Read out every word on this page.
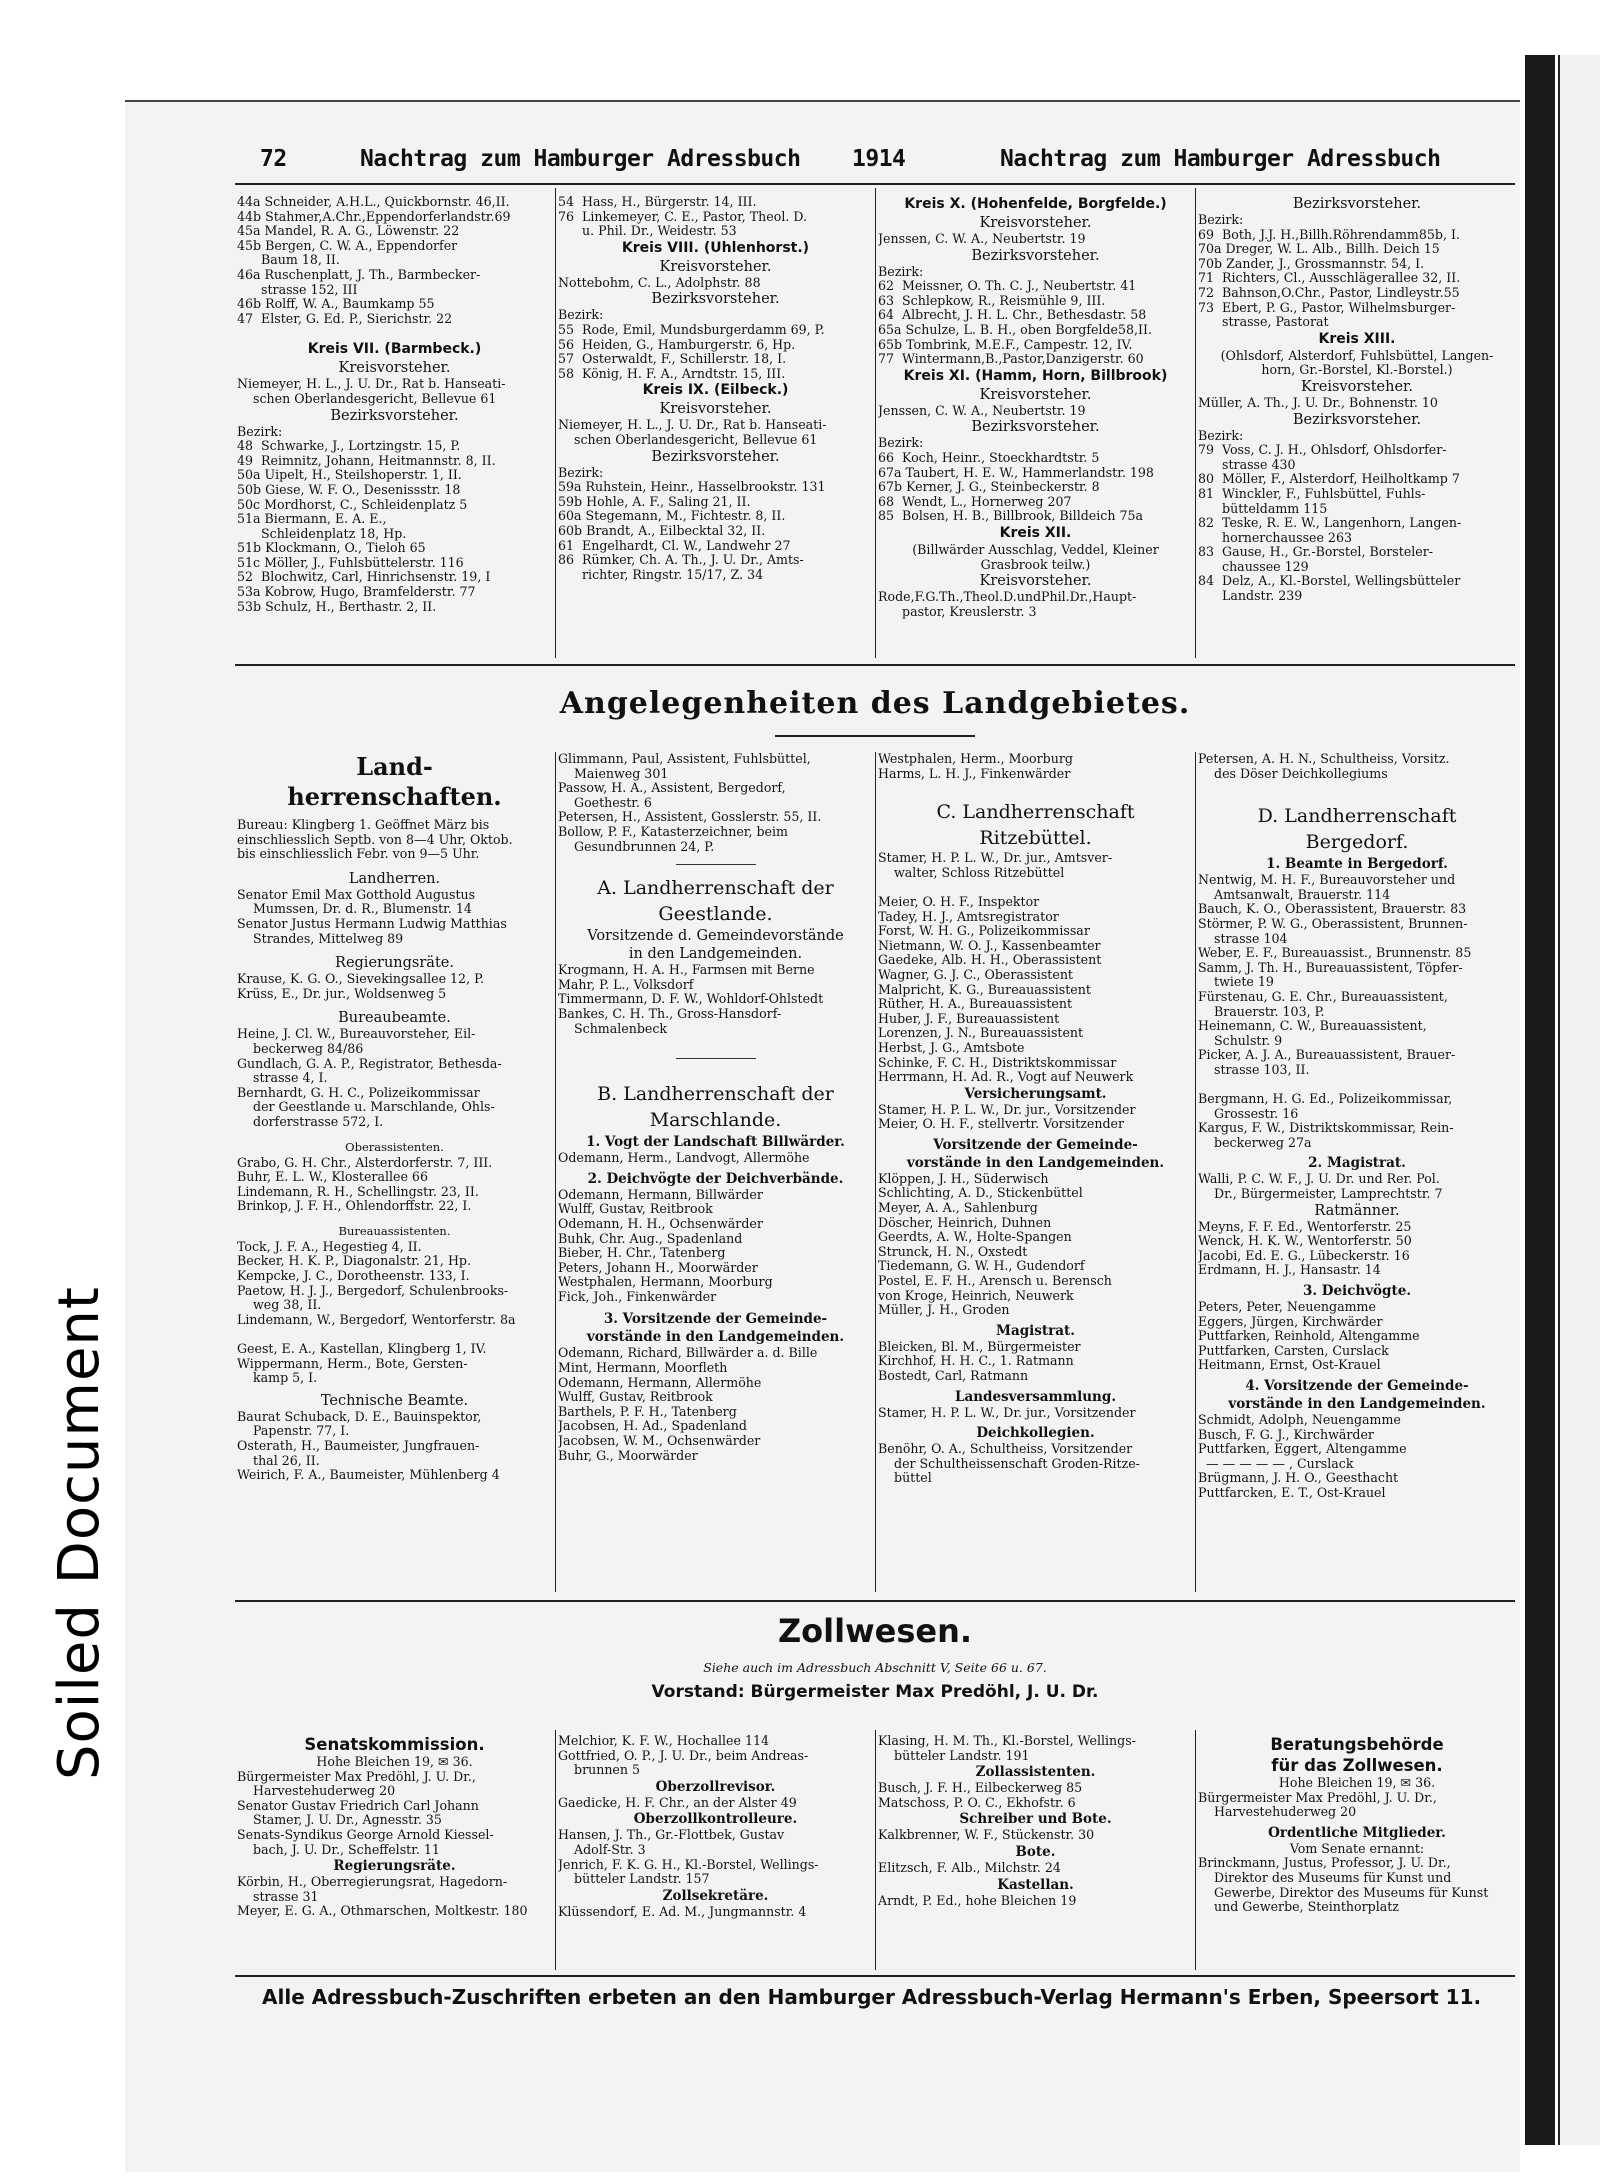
Soiled Document
72	Nachtrag zum Hamburger Adressbuch 1914	Nachtrag zum Hamburger Adressbuch
44a Schneider, A.H.L., Quickbornstr. 46,II.
44b Stahmer,A.Chr.,Eppendorferlandstr.69
45a Mandel, R. A. G., Löwenstr. 22
45b Bergen, C. W. A., Eppendorfer
Baum 18, II.
46a Ruschenplatt, J. Th., Barmbecker-
strasse 152, III
46b Rolff, W. A., Baumkamp 55
47  Elster, G. Ed. P., Sierichstr. 22
Kreis VII. (Barmbeck.)
Kreisvorsteher.
Niemeyer, H. L., J. U. Dr., Rat b. Hanseati-
schen Oberlandesgericht, Bellevue 61
Bezirksvorsteher.
Bezirk:
48  Schwarke, J., Lortzingstr. 15, P.
49  Reimnitz, Johann, Heitmannstr. 8, II.
50a Uipelt, H., Steilshoperstr. 1, II.
50b Giese, W. F. O., Desenissstr. 18
50c Mordhorst, C., Schleidenplatz 5
51a Biermann, E. A. E.,
Schleidenplatz 18, Hp.
51b Klockmann, O., Tieloh 65
51c Möller, J., Fuhlsbüttelerstr. 116
52  Blochwitz, Carl, Hinrichsenstr. 19, I
53a Kobrow, Hugo, Bramfelderstr. 77
53b Schulz, H., Berthastr. 2, II.
54  Hass, H., Bürgerstr. 14, III.
76  Linkemeyer, C. E., Pastor, Theol. D.
u. Phil. Dr., Weidestr. 53
Kreis VIII. (Uhlenhorst.)
Kreisvorsteher.
Nottebohm, C. L., Adolphstr. 88
Bezirksvorsteher.
Bezirk:
55  Rode, Emil, Mundsburgerdamm 69, P.
56  Heiden, G., Hamburgerstr. 6, Hp.
57  Osterwaldt, F., Schillerstr. 18, I.
58  König, H. F. A., Arndtstr. 15, III.
Kreis IX. (Eilbeck.)
Kreisvorsteher.
Niemeyer, H. L., J. U. Dr., Rat b. Hanseati-
schen Oberlandesgericht, Bellevue 61
Bezirksvorsteher.
Bezirk:
59a Ruhstein, Heinr., Hasselbrookstr. 131
59b Hohle, A. F., Saling 21, II.
60a Stegemann, M., Fichtestr. 8, II.
60b Brandt, A., Eilbecktal 32, II.
61  Engelhardt, Cl. W., Landwehr 27
86  Rümker, Ch. A. Th., J. U. Dr., Amts-
richter, Ringstr. 15/17, Z. 34
Kreis X. (Hohenfelde, Borgfelde.)
Kreisvorsteher.
Jenssen, C. W. A., Neubertstr. 19
Bezirksvorsteher.
Bezirk:
62  Meissner, O. Th. C. J., Neubertstr. 41
63  Schlepkow, R., Reismühle 9, III.
64  Albrecht, J. H. L. Chr., Bethesdastr. 58
65a Schulze, L. B. H., oben Borgfelde58,II.
65b Tombrink, M.E.F., Campestr. 12, IV.
77  Wintermann,B.,Pastor,Danzigerstr. 60
Kreis XI. (Hamm, Horn, Billbrook)
Kreisvorsteher.
Jenssen, C. W. A., Neubertstr. 19
Bezirksvorsteher.
Bezirk:
66  Koch, Heinr., Stoeckhardtstr. 5
67a Taubert, H. E. W., Hammerlandstr. 198
67b Kerner, J. G., Steinbeckerstr. 8
68  Wendt, L., Hornerweg 207
85  Bolsen, H. B., Billbrook, Billdeich 75a
Kreis XII.
(Billwärder Ausschlag, Veddel, Kleiner
Grasbrook teilw.)
Kreisvorsteher.
Rode,F.G.Th.,Theol.D.undPhil.Dr.,Haupt-
pastor, Kreuslerstr. 3
Bezirksvorsteher.
Bezirk:
69  Both, J.J. H.,Billh.Röhrendamm85b, I.
70a Dreger, W. L. Alb., Billh. Deich 15
70b Zander, J., Grossmannstr. 54, I.
71  Richters, Cl., Ausschlägerallee 32, II.
72  Bahnson,O.Chr., Pastor, Lindleystr.55
73  Ebert, P. G., Pastor, Wilhelmsburger-
strasse, Pastorat
Kreis XIII.
(Ohlsdorf, Alsterdorf, Fuhlsbüttel, Langen-
horn, Gr.-Borstel, Kl.-Borstel.)
Kreisvorsteher.
Müller, A. Th., J. U. Dr., Bohnenstr. 10
Bezirksvorsteher.
Bezirk:
79  Voss, C. J. H., Ohlsdorf, Ohlsdorfer-
strasse 430
80  Möller, F., Alsterdorf, Heilholtkamp 7
81  Winckler, F., Fuhlsbüttel, Fuhls-
bütteldamm 115
82  Teske, R. E. W., Langenhorn, Langen-
hornerchaussee 263
83  Gause, H., Gr.-Borstel, Borsteler-
chaussee 129
84  Delz, A., Kl.-Borstel, Wellingsbütteler
Landstr. 239
Angelegenheiten des Landgebietes.
Land-
herrenschaften.
Bureau: Klingberg 1. Geöffnet März bis
einschliesslich Septb. von 8—4 Uhr, Oktob.
bis einschliesslich Febr. von 9—5 Uhr.
Landherren.
Senator Emil Max Gotthold Augustus
Mumssen, Dr. d. R., Blumenstr. 14
Senator Justus Hermann Ludwig Matthias
Strandes, Mittelweg 89
Regierungsräte.
Krause, K. G. O., Sievekingsallee 12, P.
Krüss, E., Dr. jur., Woldsenweg 5
Bureaubeamte.
Heine, J. Cl. W., Bureauvorsteher, Eil-
beckerweg 84/86
Gundlach, G. A. P., Registrator, Bethesda-
strasse 4, I.
Bernhardt, G. H. C., Polizeikommissar
der Geestlande u. Marschlande, Ohls-
dorferstrasse 572, I.
Oberassistenten.
Grabo, G. H. Chr., Alsterdorferstr. 7, III.
Buhr, E. L. W., Klosterallee 66
Lindemann, R. H., Schellingstr. 23, II.
Brinkop, J. F. H., Ohlendorffstr. 22, I.
Bureauassistenten.
Tock, J. F. A., Hegestieg 4, II.
Becker, H. K. P., Diagonalstr. 21, Hp.
Kempcke, J. C., Dorotheenstr. 133, I.
Paetow, H. J. J., Bergedorf, Schulenbrooks-
weg 38, II.
Lindemann, W., Bergedorf, Wentorferstr. 8a

Geest, E. A., Kastellan, Klingberg 1, IV.
Wippermann, Herm., Bote, Gersten-
kamp 5, I.
Technische Beamte.
Baurat Schuback, D. E., Bauinspektor,
Papenstr. 77, I.
Osterath, H., Baumeister, Jungfrauen-
thal 26, II.
Weirich, F. A., Baumeister, Mühlenberg 4
Glimmann, Paul, Assistent, Fuhlsbüttel,
Maienweg 301
Passow, H. A., Assistent, Bergedorf,
Goethestr. 6
Petersen, H., Assistent, Gosslerstr. 55, II.
Bollow, P. F., Katasterzeichner, beim
Gesundbrunnen 24, P.
A. Landherrenschaft der
Geestlande.
Vorsitzende d. Gemeindevorstände
in den Landgemeinden.
Krogmann, H. A. H., Farmsen mit Berne
Mahr, P. L., Volksdorf
Timmermann, D. F. W., Wohldorf-Ohlstedt
Bankes, C. H. Th., Gross-Hansdorf-
Schmalenbeck
B. Landherrenschaft der
Marschlande.
1. Vogt der Landschaft Billwärder.
Odemann, Herm., Landvogt, Allermöhe
2. Deichvögte der Deichverbände.
Odemann, Hermann, Billwärder
Wulff, Gustav, Reitbrook
Odemann, H. H., Ochsenwärder
Buhk, Chr. Aug., Spadenland
Bieber, H. Chr., Tatenberg
Peters, Johann H., Moorwärder
Westphalen, Hermann, Moorburg
Fick, Joh., Finkenwärder
3. Vorsitzende der Gemeinde-
vorstände in den Landgemeinden.
Odemann, Richard, Billwärder a. d. Bille
Mint, Hermann, Moorfleth
Odemann, Hermann, Allermöhe
Wulff, Gustav, Reitbrook
Barthels, P. F. H., Tatenberg
Jacobsen, H. Ad., Spadenland
Jacobsen, W. M., Ochsenwärder
Buhr, G., Moorwärder
Westphalen, Herm., Moorburg
Harms, L. H. J., Finkenwärder
C. Landherrenschaft
Ritzebüttel.
Stamer, H. P. L. W., Dr. jur., Amtsver-
walter, Schloss Ritzebüttel

Meier, O. H. F., Inspektor
Tadey, H. J., Amtsregistrator
Forst, W. H. G., Polizeikommissar
Nietmann, W. O. J., Kassenbeamter
Gaedeke, Alb. H. H., Oberassistent
Wagner, G. J. C., Oberassistent
Malpricht, K. G., Bureauassistent
Rüther, H. A., Bureauassistent
Huber, J. F., Bureauassistent
Lorenzen, J. N., Bureauassistent
Herbst, J. G., Amtsbote
Schinke, F. C. H., Distriktskommissar
Herrmann, H. Ad. R., Vogt auf Neuwerk
Versicherungsamt.
Stamer, H. P. L. W., Dr. jur., Vorsitzender
Meier, O. H. F., stellvertr. Vorsitzender
Vorsitzende der Gemeinde-
vorstände in den Landgemeinden.
Klöppen, J. H., Süderwisch
Schlichting, A. D., Stickenbüttel
Meyer, A. A., Sahlenburg
Döscher, Heinrich, Duhnen
Geerdts, A. W., Holte-Spangen
Strunck, H. N., Oxstedt
Tiedemann, G. W. H., Gudendorf
Postel, E. F. H., Arensch u. Berensch
von Kroge, Heinrich, Neuwerk
Müller, J. H., Groden
Magistrat.
Bleicken, Bl. M., Bürgermeister
Kirchhof, H. H. C., 1. Ratmann
Bostedt, Carl, Ratmann
Landesversammlung.
Stamer, H. P. L. W., Dr. jur., Vorsitzender
Deichkollegien.
Benöhr, O. A., Schultheiss, Vorsitzender
der Schultheissenschaft Groden-Ritze-
büttel
Petersen, A. H. N., Schultheiss, Vorsitz.
des Döser Deichkollegiums
D. Landherrenschaft
Bergedorf.
1. Beamte in Bergedorf.
Nentwig, M. H. F., Bureauvorsteher und
Amtsanwalt, Brauerstr. 114
Bauch, K. O., Oberassistent, Brauerstr. 83
Störmer, P. W. G., Oberassistent, Brunnen-
strasse 104
Weber, E. F., Bureauassist., Brunnenstr. 85
Samm, J. Th. H., Bureauassistent, Töpfer-
twiete 19
Fürstenau, G. E. Chr., Bureauassistent,
Brauerstr. 103, P.
Heinemann, C. W., Bureauassistent,
Schulstr. 9
Picker, A. J. A., Bureauassistent, Brauer-
strasse 103, II.

Bergmann, H. G. Ed., Polizeikommissar,
Grossestr. 16
Kargus, F. W., Distriktskommissar, Rein-
beckerweg 27a
2. Magistrat.
Walli, P. C. W. F., J. U. Dr. und Rer. Pol.
Dr., Bürgermeister, Lamprechtstr. 7
Ratmänner.
Meyns, F. F. Ed., Wentorferstr. 25
Wenck, H. K. W., Wentorferstr. 50
Jacobi, Ed. E. G., Lübeckerstr. 16
Erdmann, H. J., Hansastr. 14
3. Deichvögte.
Peters, Peter, Neuengamme
Eggers, Jürgen, Kirchwärder
Puttfarken, Reinhold, Altengamme
Puttfarken, Carsten, Curslack
Heitmann, Ernst, Ost-Krauel
4. Vorsitzende der Gemeinde-
vorstände in den Landgemeinden.
Schmidt, Adolph, Neuengamme
Busch, F. G. J., Kirchwärder
Puttfarken, Eggert, Altengamme
— — — — — , Curslack
Brügmann, J. H. O., Geesthacht
Puttfarcken, E. T., Ost-Krauel
Zollwesen.
Siehe auch im Adressbuch Abschnitt V, Seite 66 u. 67.
Vorstand: Bürgermeister Max Predöhl, J. U. Dr.
Senatskommission.
Hohe Bleichen 19, ✉ 36.
Bürgermeister Max Predöhl, J. U. Dr.,
Harvestehuderweg 20
Senator Gustav Friedrich Carl Johann
Stamer, J. U. Dr., Agnesstr. 35
Senats-Syndikus George Arnold Kiessel-
bach, J. U. Dr., Scheffelstr. 11
Regierungsräte.
Körbin, H., Oberregierungsrat, Hagedorn-
strasse 31
Meyer, E. G. A., Othmarschen, Moltkestr. 180
Melchior, K. F. W., Hochallee 114
Gottfried, O. P., J. U. Dr., beim Andreas-
brunnen 5
Oberzollrevisor.
Gaedicke, H. F. Chr., an der Alster 49
Oberzollkontrolleure.
Hansen, J. Th., Gr.-Flottbek, Gustav
Adolf-Str. 3
Jenrich, F. K. G. H., Kl.-Borstel, Wellings-
bütteler Landstr. 157
Zollsekretäre.
Klüssendorf, E. Ad. M., Jungmannstr. 4
Klasing, H. M. Th., Kl.-Borstel, Wellings-
bütteler Landstr. 191
Zollassistenten.
Busch, J. F. H., Eilbeckerweg 85
Matschoss, P. O. C., Ekhofstr. 6
Schreiber und Bote.
Kalkbrenner, W. F., Stückenstr. 30
Bote.
Elitzsch, F. Alb., Milchstr. 24
Kastellan.
Arndt, P. Ed., hohe Bleichen 19
Beratungsbehörde
für das Zollwesen.
Hohe Bleichen 19, ✉ 36.
Bürgermeister Max Predöhl, J. U. Dr.,
Harvestehuderweg 20
Ordentliche Mitglieder.
Vom Senate ernannt:
Brinckmann, Justus, Professor, J. U. Dr.,
Direktor des Museums für Kunst und
Gewerbe, Direktor des Museums für Kunst
und Gewerbe, Steinthorplatz
Alle Adressbuch-Zuschriften erbeten an den Hamburger Adressbuch-Verlag Hermann's Erben, Speersort 11.
